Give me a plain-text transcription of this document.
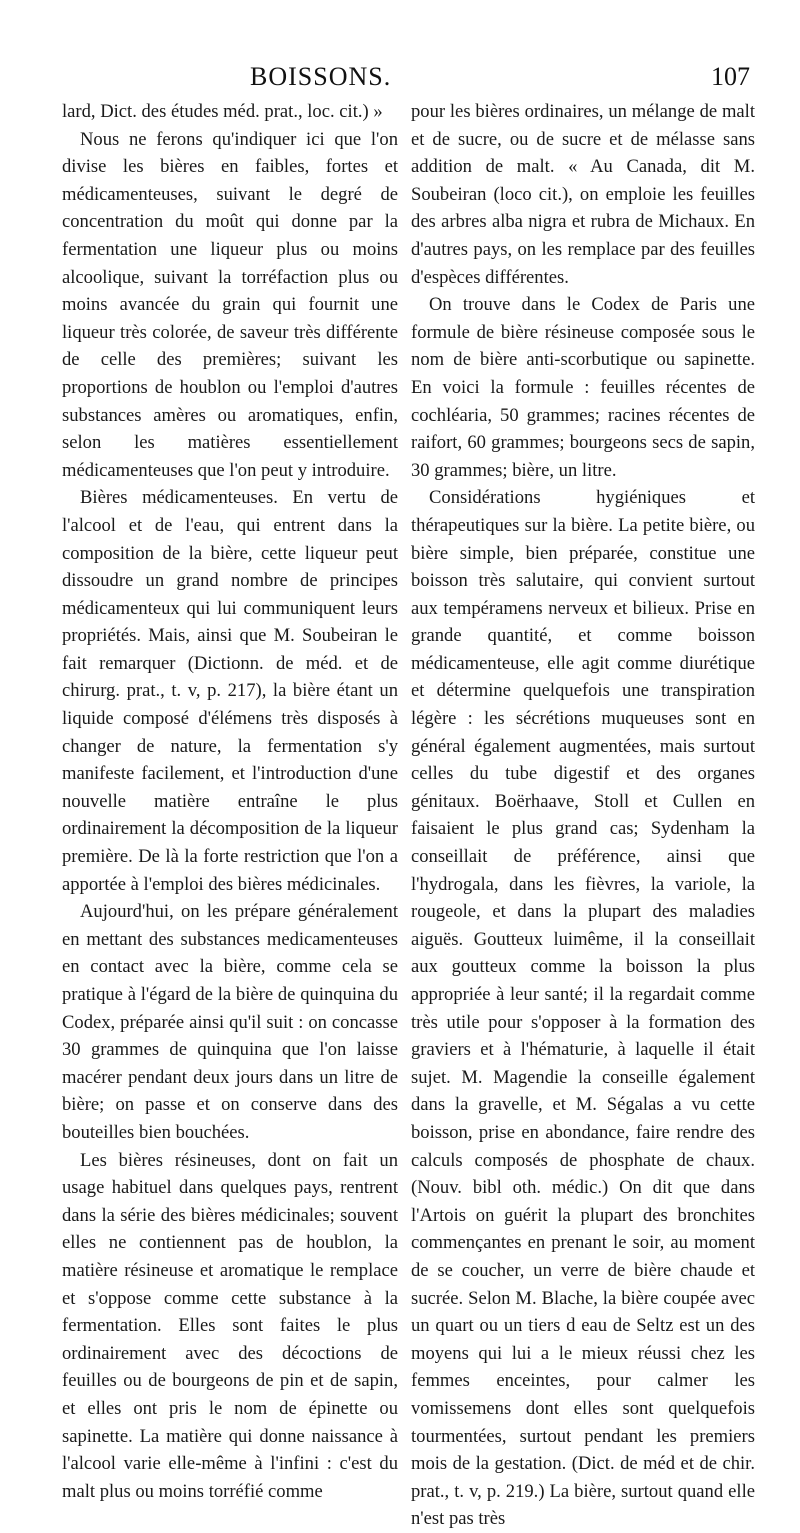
BOISSONS.	107

lard, Dict. des études méd. prat., loc. cit.) »

Nous ne ferons qu'indiquer ici que l'on divise les bières en faibles, fortes et médicamenteuses, suivant le degré de concentration du moût qui donne par la fermentation une liqueur plus ou moins alcoolique, suivant la torréfaction plus ou moins avancée du grain qui fournit une liqueur très colorée, de saveur très différente de celle des premières; suivant les proportions de houblon ou l'emploi d'autres substances amères ou aromatiques, enfin, selon les matières essentiellement médicamenteuses que l'on peut y introduire.

Bières médicamenteuses. En vertu de l'alcool et de l'eau, qui entrent dans la composition de la bière, cette liqueur peut dissoudre un grand nombre de principes médicamenteux qui lui communiquent leurs propriétés. Mais, ainsi que M. Soubeiran le fait remarquer (Dictionn. de méd. et de chirurg. prat., t. v, p. 217), la bière étant un liquide composé d'élémens très disposés à changer de nature, la fermentation s'y manifeste facilement, et l'introduction d'une nouvelle matière entraîne le plus ordinairement la décomposition de la liqueur première. De là la forte restriction que l'on a apportée à l'emploi des bières médicinales.

Aujourd'hui, on les prépare généralement en mettant des substances medicamenteuses en contact avec la bière, comme cela se pratique à l'égard de la bière de quinquina du Codex, préparée ainsi qu'il suit : on concasse 30 grammes de quinquina que l'on laisse macérer pendant deux jours dans un litre de bière; on passe et on conserve dans des bouteilles bien bouchées.

Les bières résineuses, dont on fait un usage habituel dans quelques pays, rentrent dans la série des bières médicinales; souvent elles ne contiennent pas de houblon, la matière résineuse et aromatique le remplace et s'oppose comme cette substance à la fermentation. Elles sont faites le plus ordinairement avec des décoctions de feuilles ou de bourgeons de pin et de sapin, et elles ont pris le nom de épinette ou sapinette. La matière qui donne naissance à l'alcool varie elle-même à l'infini : c'est du malt plus ou moins torréfié comme

pour les bières ordinaires, un mélange de malt et de sucre, ou de sucre et de mélasse sans addition de malt. « Au Canada, dit M. Soubeiran (loco cit.), on emploie les feuilles des arbres alba nigra et rubra de Michaux. En d'autres pays, on les remplace par des feuilles d'espèces différentes.

On trouve dans le Codex de Paris une formule de bière résineuse composée sous le nom de bière anti-scorbutique ou sapinette. En voici la formule : feuilles récentes de cochléaria, 50 grammes; racines récentes de raifort, 60 grammes; bourgeons secs de sapin, 30 grammes; bière, un litre.

Considérations hygiéniques et thérapeutiques sur la bière. La petite bière, ou bière simple, bien préparée, constitue une boisson très salutaire, qui convient surtout aux tempéramens nerveux et bilieux. Prise en grande quantité, et comme boisson médicamenteuse, elle agit comme diurétique et détermine quelquefois une transpiration légère : les sécrétions muqueuses sont en général également augmentées, mais surtout celles du tube digestif et des organes génitaux. Boërhaave, Stoll et Cullen en faisaient le plus grand cas; Sydenham la conseillait de préférence, ainsi que l'hydrogala, dans les fièvres, la variole, la rougeole, et dans la plupart des maladies aiguës. Goutteux luimême, il la conseillait aux goutteux comme la boisson la plus appropriée à leur santé; il la regardait comme très utile pour s'opposer à la formation des graviers et à l'hématurie, à laquelle il était sujet. M. Magendie la conseille également dans la gravelle, et M. Ségalas a vu cette boisson, prise en abondance, faire rendre des calculs composés de phosphate de chaux. (Nouv. bibl oth. médic.) On dit que dans l'Artois on guérit la plupart des bronchites commençantes en prenant le soir, au moment de se coucher, un verre de bière chaude et sucrée. Selon M. Blache, la bière coupée avec un quart ou un tiers d eau de Seltz est un des moyens qui lui a le mieux réussi chez les femmes enceintes, pour calmer les vomissemens dont elles sont quelquefois tourmentées, surtout pendant les premiers mois de la gestation. (Dict. de méd et de chir. prat., t. v, p. 219.) La bière, surtout quand elle n'est pas très
